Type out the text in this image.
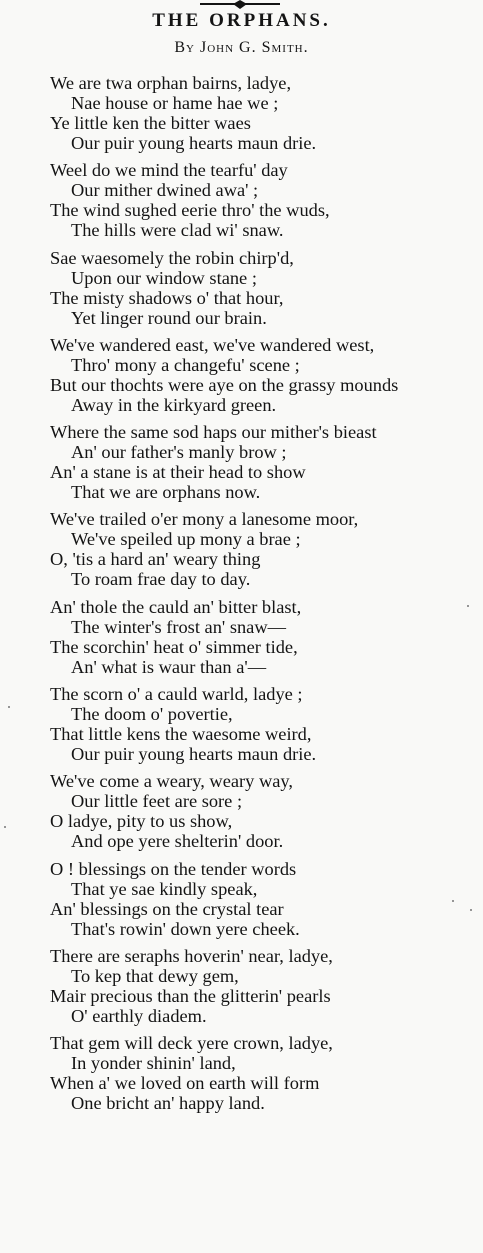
THE ORPHANS.
By John G. Smith.
We are twa orphan bairns, ladye,
Nae house or hame hae we ;
Ye little ken the bitter waes
Our puir young hearts maun drie.
Weel do we mind the tearfu' day
Our mither dwined awa' ;
The wind sughed eerie thro' the wuds,
The hills were clad wi' snaw.
Sae waesomely the robin chirp'd,
Upon our window stane ;
The misty shadows o' that hour,
Yet linger round our brain.
We've wandered east, we've wandered west,
Thro' mony a changefu' scene ;
But our thochts were aye on the grassy mounds
Away in the kirkyard green.
Where the same sod haps our mither's bieast
An' our father's manly brow ;
An' a stane is at their head to show
That we are orphans now.
We've trailed o'er mony a lanesome moor,
We've speiled up mony a brae ;
O, 'tis a hard an' weary thing
To roam frae day to day.
An' thole the cauld an' bitter blast,
The winter's frost an' snaw—
The scorchin' heat o' simmer tide,
An' what is waur than a'—
The scorn o' a cauld warld, ladye ;
The doom o' povertie,
That little kens the waesome weird,
Our puir young hearts maun drie.
We've come a weary, weary way,
Our little feet are sore ;
O ladye, pity to us show,
And ope yere shelterin' door.
O ! blessings on the tender words
That ye sae kindly speak,
An' blessings on the crystal tear
That's rowin' down yere cheek.
There are seraphs hoverin' near, ladye,
To kep that dewy gem,
Mair precious than the glitterin' pearls
O' earthly diadem.
That gem will deck yere crown, ladye,
In yonder shinin' land,
When a' we loved on earth will form
One bricht an' happy land.
